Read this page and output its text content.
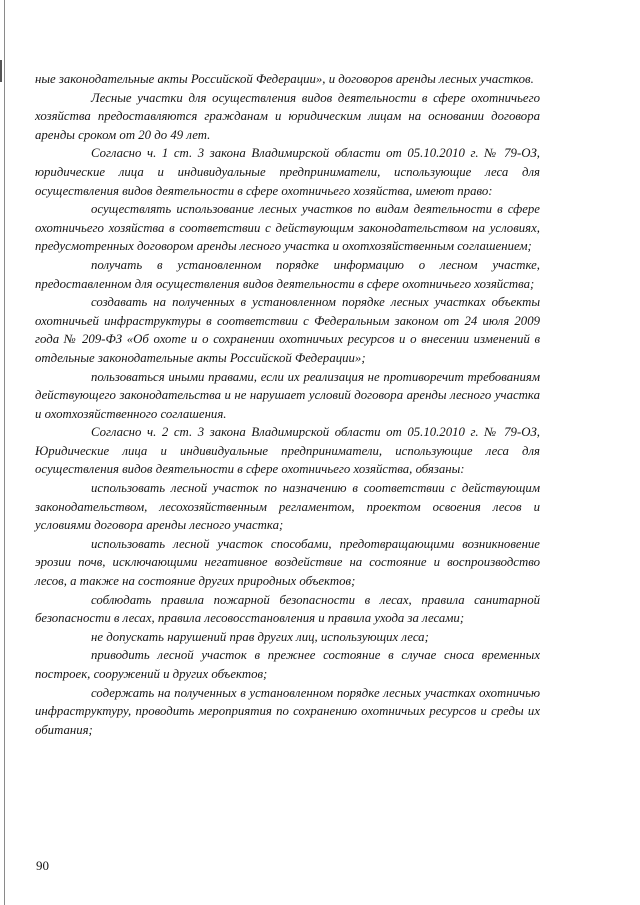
ные законодательные акты Российской Федерации», и договоров аренды лесных участков.

Лесные участки для осуществления видов деятельности в сфере охотничьего хозяйства предоставляются гражданам и юридическим лицам на основании договора аренды сроком от 20 до 49 лет.

Согласно ч. 1 ст. 3 закона Владимирской области от 05.10.2010 г. № 79-ОЗ, юридические лица и индивидуальные предприниматели, использующие леса для осуществления видов деятельности в сфере охотничьего хозяйства, имеют право:

осуществлять использование лесных участков по видам деятельности в сфере охотничьего хозяйства в соответствии с действующим законодательством на условиях, предусмотренных договором аренды лесного участка и охотхозяйственным соглашением;

получать в установленном порядке информацию о лесном участке, предоставленном для осуществления видов деятельности в сфере охотничьего хозяйства;

создавать на полученных в установленном порядке лесных участках объекты охотничьей инфраструктуры в соответствии с Федеральным законом от 24 июля 2009 года № 209-ФЗ «Об охоте и о сохранении охотничьих ресурсов и о внесении изменений в отдельные законодательные акты Российской Федерации»;

пользоваться иными правами, если их реализация не противоречит требованиям действующего законодательства и не нарушает условий договора аренды лесного участка и охотхозяйственного соглашения.

Согласно ч. 2 ст. 3 закона Владимирской области от 05.10.2010 г. № 79-ОЗ, Юридические лица и индивидуальные предприниматели, использующие леса для осуществления видов деятельности в сфере охотничьего хозяйства, обязаны:

использовать лесной участок по назначению в соответствии с действующим законодательством, лесохозяйственным регламентом, проектом освоения лесов и условиями договора аренды лесного участка;

использовать лесной участок способами, предотвращающими возникновение эрозии почв, исключающими негативное воздействие на состояние и воспроизводство лесов, а также на состояние других природных объектов;

соблюдать правила пожарной безопасности в лесах, правила санитарной безопасности в лесах, правила лесовосстановления и правила ухода за лесами;

не допускать нарушений прав других лиц, использующих леса;

приводить лесной участок в прежнее состояние в случае сноса временных построек, сооружений и других объектов;

содержать на полученных в установленном порядке лесных участках охотничью инфраструктуру, проводить мероприятия по сохранению охотничьих ресурсов и среды их обитания;

90
